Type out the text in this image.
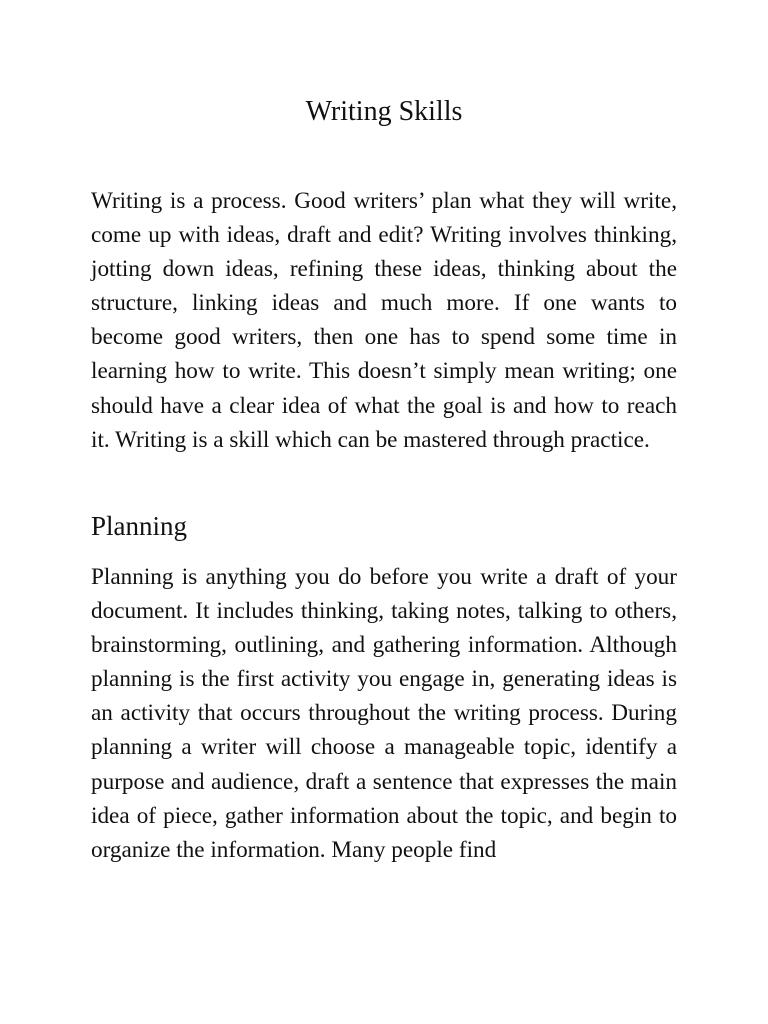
Writing Skills

Writing is a process. Good writers’ plan what they will write, come up with ideas, draft and edit? Writing involves thinking, jotting down ideas, refining these ideas, thinking about the structure, linking ideas and much more. If one wants to become good writers, then one has to spend some time in learning how to write. This doesn’t simply mean writing; one should have a clear idea of what the goal is and how to reach it. Writing is a skill which can be mastered through practice.

Planning

Planning is anything you do before you write a draft of your document. It includes thinking, taking notes, talking to others, brainstorming, outlining, and gathering information. Although planning is the first activity you engage in, generating ideas is an activity that occurs throughout the writing process. During planning a writer will choose a manageable topic, identify a purpose and audience, draft a sentence that expresses the main idea of piece, gather information about the topic, and begin to organize the information. Many people find
